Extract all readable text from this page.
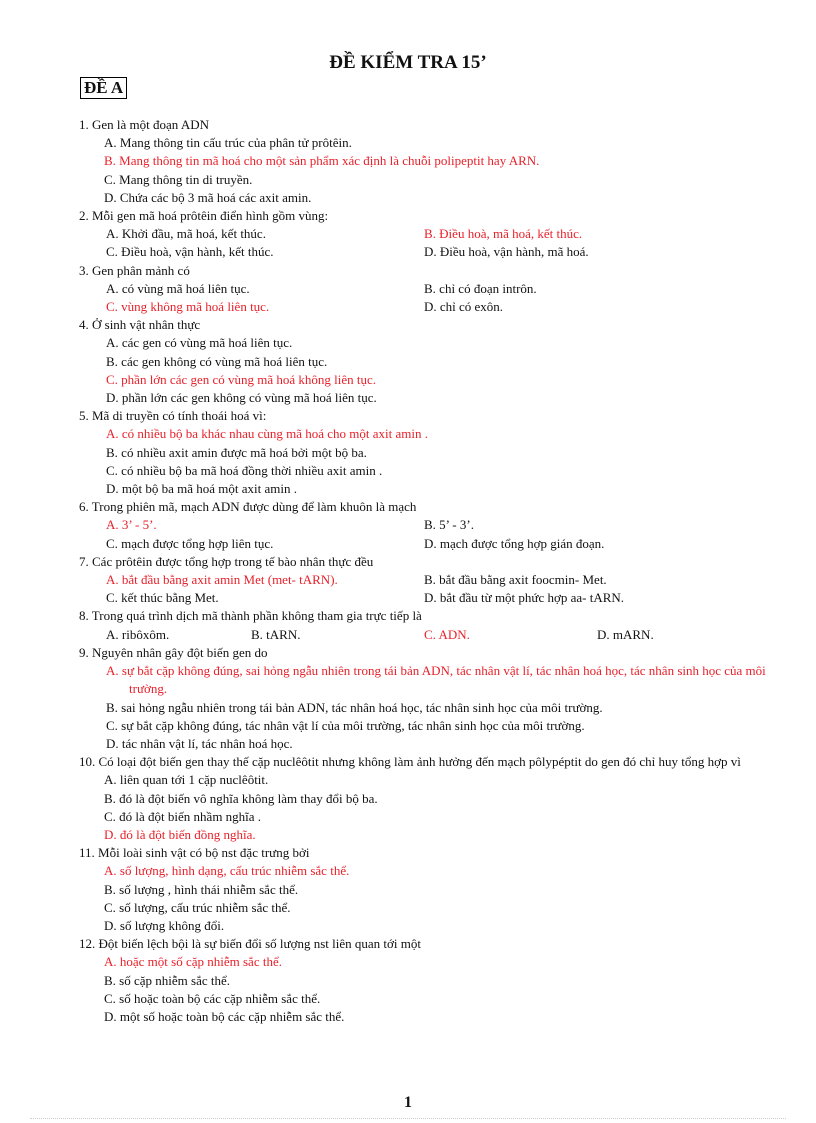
ĐỀ KIỂM TRA 15’
ĐỀ A
1. Gen là một đoạn ADN
A. Mang thông tin cấu trúc của phân tử prôtêin.
B. Mang thông tin mã hoá cho một sản phẩm xác định là chuỗi polipeptit hay ARN.
C. Mang thông tin di truyền.
D. Chứa các bộ 3 mã hoá các axit amin.
2. Mỗi gen mã hoá prôtêin điển hình gồm vùng:
A. Khởi đầu, mã hoá, kết thúc.	B. Điều hoà, mã hoá, kết thúc.
C. Điều hoà, vận hành, kết thúc.	D. Điều hoà, vận hành, mã hoá.
3. Gen phân mảnh có
A. có vùng mã hoá liên tục.	B. chỉ có đoạn intrôn.
C. vùng không mã hoá liên tục.	D. chỉ có exôn.
4. Ở sinh vật nhân thực
A. các gen có vùng mã hoá liên tục.
B. các gen không có vùng mã hoá liên tục.
C. phần lớn các gen có vùng mã hoá không liên tục.
D. phần lớn các gen không có vùng mã hoá liên tục.
5. Mã di truyền có tính thoái hoá vì:
A. có nhiều bộ ba khác nhau cùng mã hoá cho một axit amin .
B. có nhiều axit amin được mã hoá bởi một bộ ba.
C. có nhiều bộ ba mã hoá đồng thời nhiều axit amin .
D. một bộ ba mã hoá một axit amin .
6. Trong phiên mã, mạch ADN được dùng để làm khuôn là mạch
A. 3’ - 5’.	B. 5’ - 3’.
C. mạch được tổng hợp liên tục.	D. mạch được tổng hợp gián đoạn.
7. Các prôtêin được tổng hợp trong tế bào nhân thực đều
A. bắt đầu bằng axit amin Met (met- tARN).	B. bắt đầu bằng axit foocmin- Met.
C. kết thúc bằng Met.	D. bắt đầu từ một phức hợp aa- tARN.
8. Trong quá trình dịch mã thành phần không tham gia trực tiếp là
A. ribôxôm.	B. tARN.	C. ADN.	D. mARN.
9. Nguyên nhân gây đột biến gen do
A. sự bắt cặp không đúng, sai hỏng ngẫu nhiên trong tái bản ADN, tác nhân vật lí, tác nhân hoá học, tác nhân sinh học của môi trường.
B. sai hỏng ngẫu nhiên trong tái bản ADN, tác nhân hoá học, tác nhân sinh học của môi trường.
C. sự bắt cặp không đúng, tác nhân vật lí của môi trường, tác nhân sinh học của môi trường.
D. tác nhân vật lí, tác nhân hoá học.
10. Có loại đột biến gen thay thế cặp nuclêôtit nhưng không làm ảnh hưởng đến mạch pôlypéptit do gen đó chỉ huy tổng hợp vì
A. liên quan tới 1 cặp nuclêôtit.
B. đó là đột biến vô nghĩa không làm thay đổi bộ ba.
C. đó là đột biến nhầm nghĩa .
D. đó là đột biến đồng nghĩa.
11. Mỗi loài sinh vật có bộ nst đặc trưng bởi
A. số lượng, hình dạng, cấu trúc nhiễm sắc thể.
B. số lượng , hình thái nhiễm sắc thể.
C. số lượng, cấu trúc nhiễm sắc thể.
D. số lượng không đổi.
12. Đột biến lệch bội là sự biến đổi số lượng nst liên quan tới một
A. hoặc một số cặp nhiễm sắc thể.
B. số cặp nhiễm sắc thể.
C. số hoặc toàn bộ các cặp nhiễm sắc thể.
D. một số hoặc toàn bộ các cặp nhiễm sắc thể.
1
